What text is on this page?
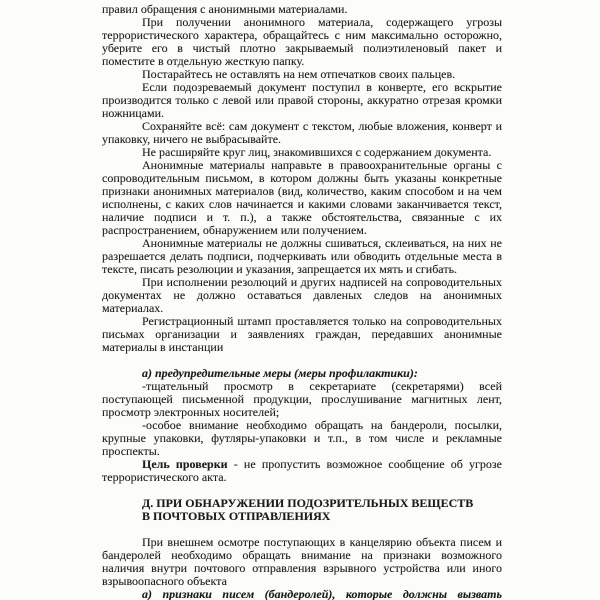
правил обращения с анонимными материалами.

При получении анонимного материала, содержащего угрозы террористического характера, обращайтесь с ним максимально осторожно, уберите его в чистый плотно закрываемый полиэтиленовый пакет и поместите в отдельную жесткую папку.

Постарайтесь не оставлять на нем отпечатков своих пальцев.

Если подозреваемый документ поступил в конверте, его вскрытие производится только с левой или правой стороны, аккуратно отрезая кромки ножницами.

Сохраняйте всё: сам документ с текстом, любые вложения, конверт и упаковку, ничего не выбрасывайте.

Не расширяйте круг лиц, знакомившихся с содержанием документа.

Анонимные материалы направьте в правоохранительные органы с сопроводительным письмом, в котором должны быть указаны конкретные признаки анонимных материалов (вид, количество, каким способом и на чем исполнены, с каких слов начинается и какими словами заканчивается текст, наличие подписи и т. п.), а также обстоятельства, связанные с их распространением, обнаружением или получением.

Анонимные материалы не должны сшиваться, склеиваться, на них не разрешается делать подписи, подчеркивать или обводить отдельные места в тексте, писать резолюции и указания, запрещается их мять и сгибать.

При исполнении резолюций и других надписей на сопроводительных документах не должно оставаться давленых следов на анонимных материалах.

Регистрационный штамп проставляется только на сопроводительных письмах организации и заявлениях граждан, передавших анонимные материалы в инстанции

а) предупредительные меры (меры профилактики):

-тщательный просмотр в секретариате (секретарями) всей поступающей письменной продукции, прослушивание магнитных лент, просмотр электронных носителей;

-особое внимание необходимо обращать на бандероли, посылки, крупные упаковки, футляры-упаковки и т.п., в том числе и рекламные проспекты.

Цель проверки - не пропустить возможное сообщение об угрозе террористического акта.

Д. ПРИ ОБНАРУЖЕНИИ ПОДОЗРИТЕЛЬНЫХ ВЕЩЕСТВ

В ПОЧТОВЫХ ОТПРАВЛЕНИЯХ

При внешнем осмотре поступающих в канцелярию объекта писем и бандеролей необходимо обращать внимание на признаки возможного наличия внутри почтового отправления взрывного устройства или иного взрывоопасного объекта

а) признаки писем (бандеролей), которые должны вызвать
